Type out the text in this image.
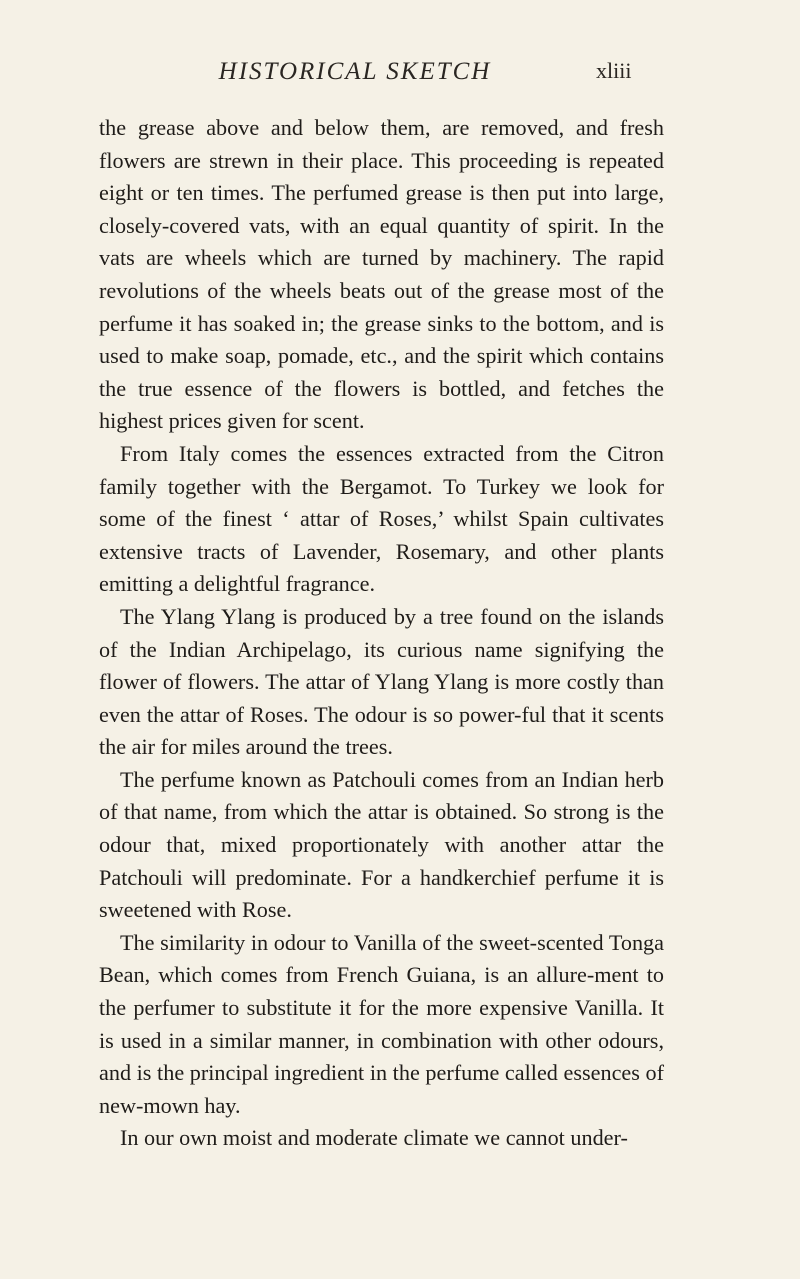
HISTORICAL SKETCH	xliii

the grease above and below them, are removed, and fresh flowers are strewn in their place. This proceeding is repeated eight or ten times. The perfumed grease is then put into large, closely-covered vats, with an equal quantity of spirit. In the vats are wheels which are turned by machinery. The rapid revolutions of the wheels beats out of the grease most of the perfume it has soaked in; the grease sinks to the bottom, and is used to make soap, pomade, etc., and the spirit which contains the true essence of the flowers is bottled, and fetches the highest prices given for scent.

From Italy comes the essences extracted from the Citron family together with the Bergamot. To Turkey we look for some of the finest ‘ attar of Roses,’ whilst Spain cultivates extensive tracts of Lavender, Rosemary, and other plants emitting a delightful fragrance.

The Ylang Ylang is produced by a tree found on the islands of the Indian Archipelago, its curious name signifying the flower of flowers. The attar of Ylang Ylang is more costly than even the attar of Roses. The odour is so power-ful that it scents the air for miles around the trees.

The perfume known as Patchouli comes from an Indian herb of that name, from which the attar is obtained. So strong is the odour that, mixed proportionately with another attar the Patchouli will predominate. For a handkerchief perfume it is sweetened with Rose.

The similarity in odour to Vanilla of the sweet-scented Tonga Bean, which comes from French Guiana, is an allure-ment to the perfumer to substitute it for the more expensive Vanilla. It is used in a similar manner, in combination with other odours, and is the principal ingredient in the perfume called essences of new-mown hay.

In our own moist and moderate climate we cannot under-
